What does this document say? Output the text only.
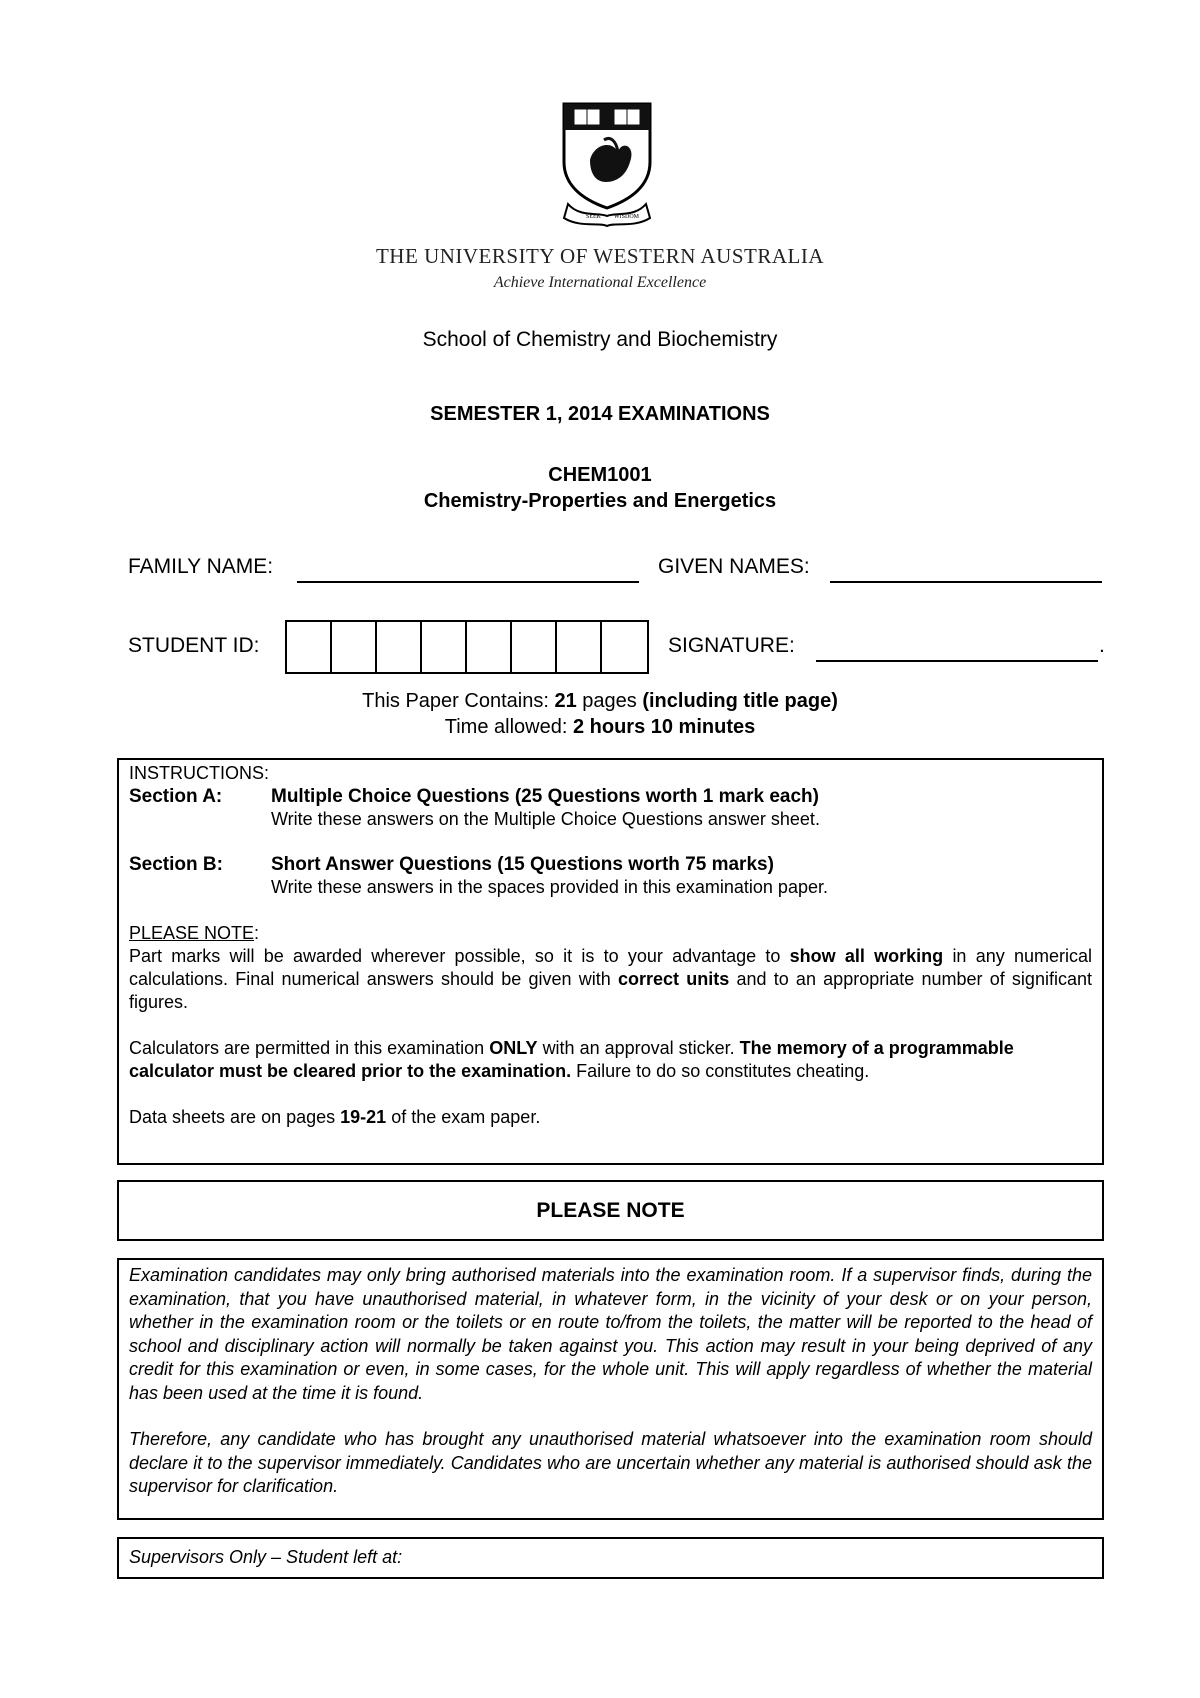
SEEK WISDOM
THE UNIVERSITY OF WESTERN AUSTRALIA
Achieve International Excellence
School of Chemistry and Biochemistry
SEMESTER 1, 2014 EXAMINATIONS
CHEM1001
Chemistry-Properties and Energetics
FAMILY NAME:	GIVEN NAMES:
STUDENT ID:	SIGNATURE:	.
This Paper Contains: 21 pages (including title page)
Time allowed: 2 hours 10 minutes

INSTRUCTIONS:

Section A:	Multiple Choice Questions (25 Questions worth 1 mark each)
Write these answers on the Multiple Choice Questions answer sheet.
Section B:	Short Answer Questions (15 Questions worth 75 marks)
Write these answers in the spaces provided in this examination paper.

PLEASE NOTE:

Part marks will be awarded wherever possible, so it is to your advantage to show all working in any numerical calculations. Final numerical answers should be given with correct units and to an appropriate number of significant figures.

Calculators are permitted in this examination ONLY with an approval sticker. The memory of a programmable calculator must be cleared prior to the examination. Failure to do so constitutes cheating.

Data sheets are on pages 19-21 of the exam paper.

PLEASE NOTE

Examination candidates may only bring authorised materials into the examination room. If a supervisor finds, during the examination, that you have unauthorised material, in whatever form, in the vicinity of your desk or on your person, whether in the examination room or the toilets or en route to/from the toilets, the matter will be reported to the head of school and disciplinary action will normally be taken against you. This action may result in your being deprived of any credit for this examination or even, in some cases, for the whole unit. This will apply regardless of whether the material has been used at the time it is found.

Therefore, any candidate who has brought any unauthorised material whatsoever into the examination room should declare it to the supervisor immediately. Candidates who are uncertain whether any material is authorised should ask the supervisor for clarification.

Supervisors Only – Student left at:
